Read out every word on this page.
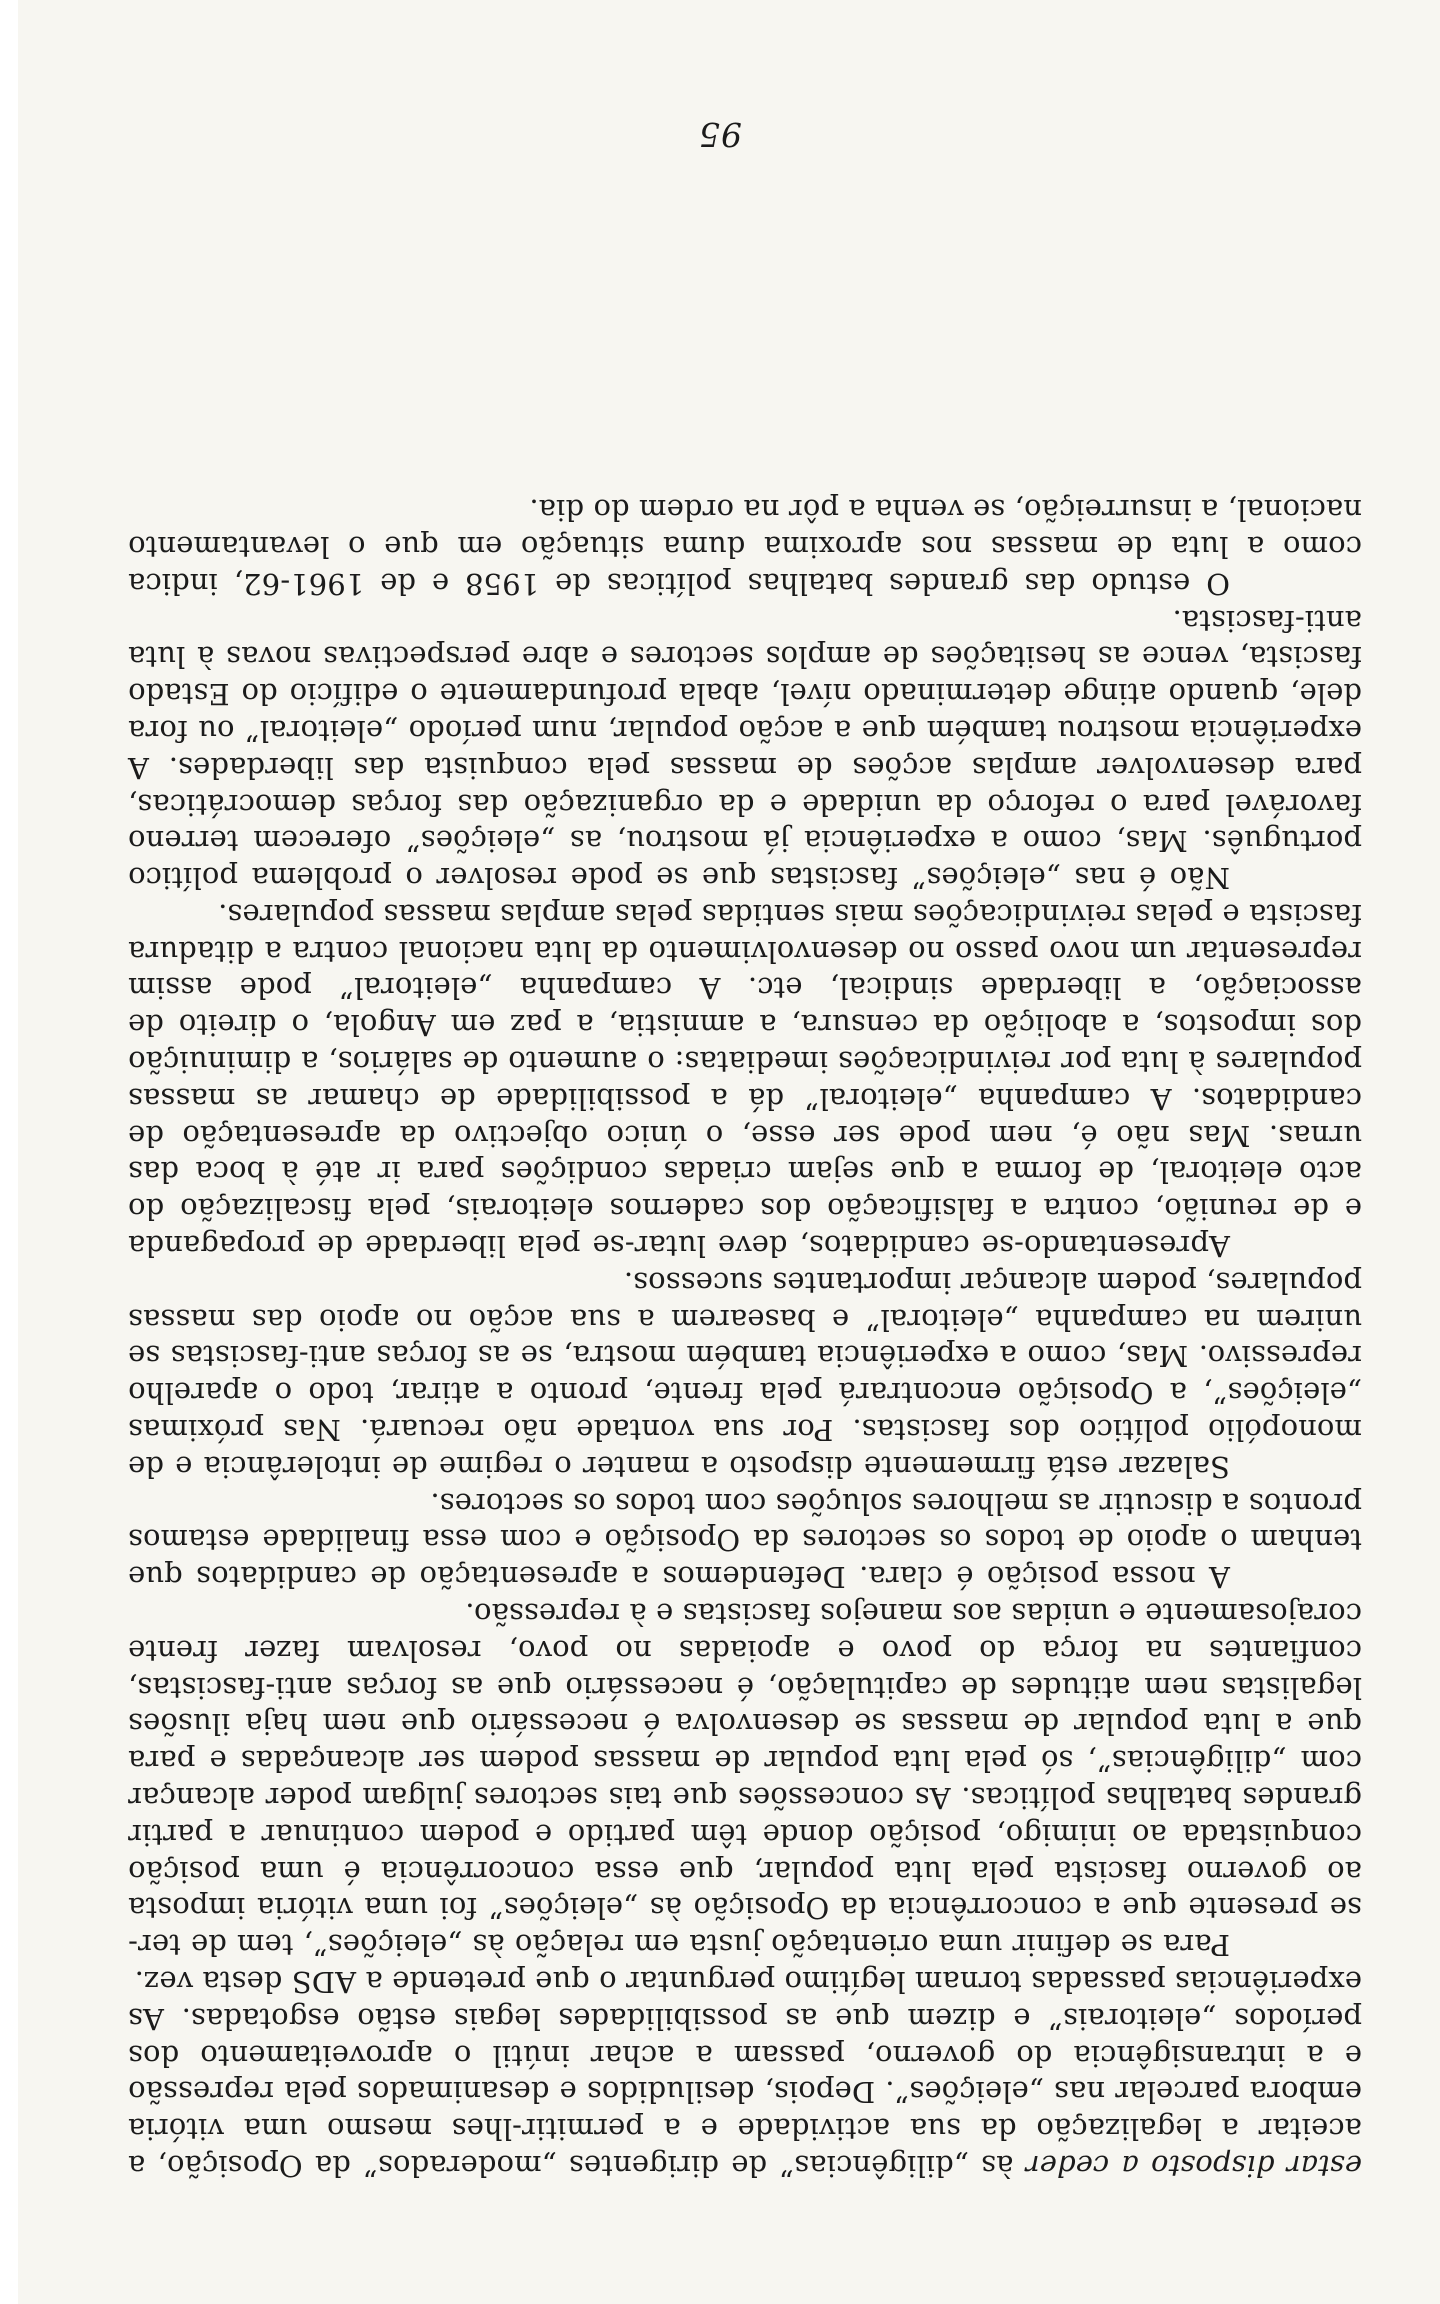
estar disposto a ceder às „diligências” de dirigentes „moderados” da Oposição, a aceitar a legalização da sua actividade e a permitir-lhes mesmo uma vitória embora parcelar nas „eleições”. Depois, desiludidos e desanimados pela repressão e a intransigência do governo, passam a achar inútil o aproveitamento dos períodos „eleitorais” e dizem que as possibilidades legais estão esgotadas. As experiências passadas tornam legítimo perguntar o que pretende a ADS desta vez.

Para se definir uma orientação justa em relação às „eleições”, tem de ter-se presente que a concorrência da Oposição às „eleições” foi uma vitória imposta ao governo fascista pela luta popular, que essa concorrência é uma posição conquistada ao inimigo, posição donde têm partido e podem continuar a partir grandes batalhas políticas. As concessões que tais sectores julgam poder alcançar com „diligências”, só pela luta popular de massas podem ser alcançadas e para que a luta popular de massas se desenvolva é necessário que nem haja ilusões legalistas nem atitudes de capitulação, é necessário que as forças anti-fascistas, confiantes na força do povo e apoiadas no povo, resolvam fazer frente corajosamente e unidas aos manejos fascistas e à repressão.

A nossa posição é clara. Defendemos a apresentação de candidatos que tenham o apoio de todos os sectores da Oposição e com essa finalidade estamos prontos a discutir as melhores soluções com todos os sectores.

Salazar está firmemente disposto a manter o regime de intolerância e de monopólio político dos fascistas. Por sua vontade não recuará. Nas próximas „eleições”, a Oposição encontrará pela frente, pronto a atirar, todo o aparelho repressivo. Mas, como a experiência também mostra, se as forças anti-fascistas se unirem na campanha „eleitoral” e basearem a sua acção no apoio das massas populares, podem alcançar importantes sucessos.

Apresentando-se candidatos, deve lutar-se pela liberdade de propaganda e de reunião, contra a falsificação dos cadernos eleitorais, pela fiscalização do acto eleitoral, de forma a que sejam criadas condições para ir até à boca das urnas. Mas não é, nem pode ser esse, o único objectivo da apresentação de candidatos. A campanha „eleitoral” dá a possibilidade de chamar as massas populares à luta por reivindicações imediatas: o aumento de salários, a diminuição dos impostos, a abolição da censura, a amnistia, a paz em Angola, o direito de associação, a liberdade sindical, etc. A campanha „eleitoral” pode assim representar um novo passo no desenvolvimento da luta nacional contra a ditadura fascista e pelas reivindicações mais sentidas pelas amplas massas populares.

Não é nas „eleições” fascistas que se pode resolver o problema político português. Mas, como a experiência já mostrou, as „eleições” oferecem terreno favorável para o reforço da unidade e da organização das forças democráticas, para desenvolver amplas acções de massas pela conquista das liberdades. A experiência mostrou também que a acção popular, num período „eleitoral” ou fora dele, quando atinge determinado nível, abala profundamente o edifício do Estado fascista, vence as hesitações de amplos sectores e abre perspectivas novas à luta anti-fascista.

O estudo das grandes batalhas políticas de 1958 e de 1961-62, indica como a luta de massas nos aproxima duma situação em que o levantamento nacional, a insurreição, se venha a pôr na ordem do dia.

95
